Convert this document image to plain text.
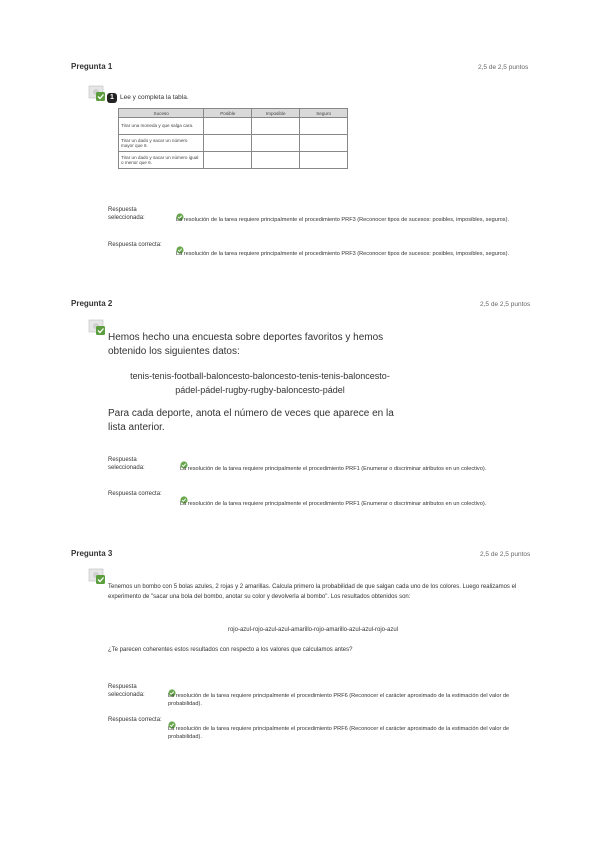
Pregunta 1	2,5 de 2,5 puntos
1 Lee y completa la tabla.
Suceso	Posible	Imposible	Seguro
Tirar una moneda y que salga cara.			
Tirar un dado y sacar un número mayor que 6.			
Tirar un dado y sacar un número igual o menor que 6.			
Respuesta seleccionada:	La resolución de la tarea requiere principalmente el procedimiento PRF3 (Reconocer tipos de sucesos: posibles, imposibles, seguros).
Respuesta correcta:
La resolución de la tarea requiere principalmente el procedimiento PRF3 (Reconocer tipos de sucesos: posibles, imposibles, seguros).
Pregunta 2	2,5 de 2,5 puntos
Hemos hecho una encuesta sobre deportes favoritos y hemos obtenido los siguientes datos:
tenis-tenis-football-baloncesto-baloncesto-tenis-tenis-baloncesto-
pádel-pádel-rugby-rugby-baloncesto-pádel
Para cada deporte, anota el número de veces que aparece en la lista anterior.
Respuesta seleccionada:	La resolución de la tarea requiere principalmente el procedimiento PRF1 (Enumerar o discriminar atributos en un colectivo).
Respuesta correcta:
La resolución de la tarea requiere principalmente el procedimiento PRF1 (Enumerar o discriminar atributos en un colectivo).
Pregunta 3	2,5 de 2,5 puntos
Tenemos un bombo con 5 bolas azules, 2 rojas y 2 amarillas. Calcula primero la probabilidad de que salgan cada uno de los colores. Luego realizamos el experimento de "sacar una bola del bombo, anotar su color y devolverla al bombo". Los resultados obtenidos son:
rojo-azul-rojo-azul-azul-amarillo-rojo-amarillo-azul-azul-rojo-azul
¿Te parecen coherentes estos resultados con respecto a los valores que calculamos antes?
Respuesta seleccionada:	La resolución de la tarea requiere principalmente el procedimiento PRF6 (Reconocer el carácter aproximado de la estimación del valor de probabilidad).
Respuesta correcta:
La resolución de la tarea requiere principalmente el procedimiento PRF6 (Reconocer el carácter aproximado de la estimación del valor de probabilidad).
